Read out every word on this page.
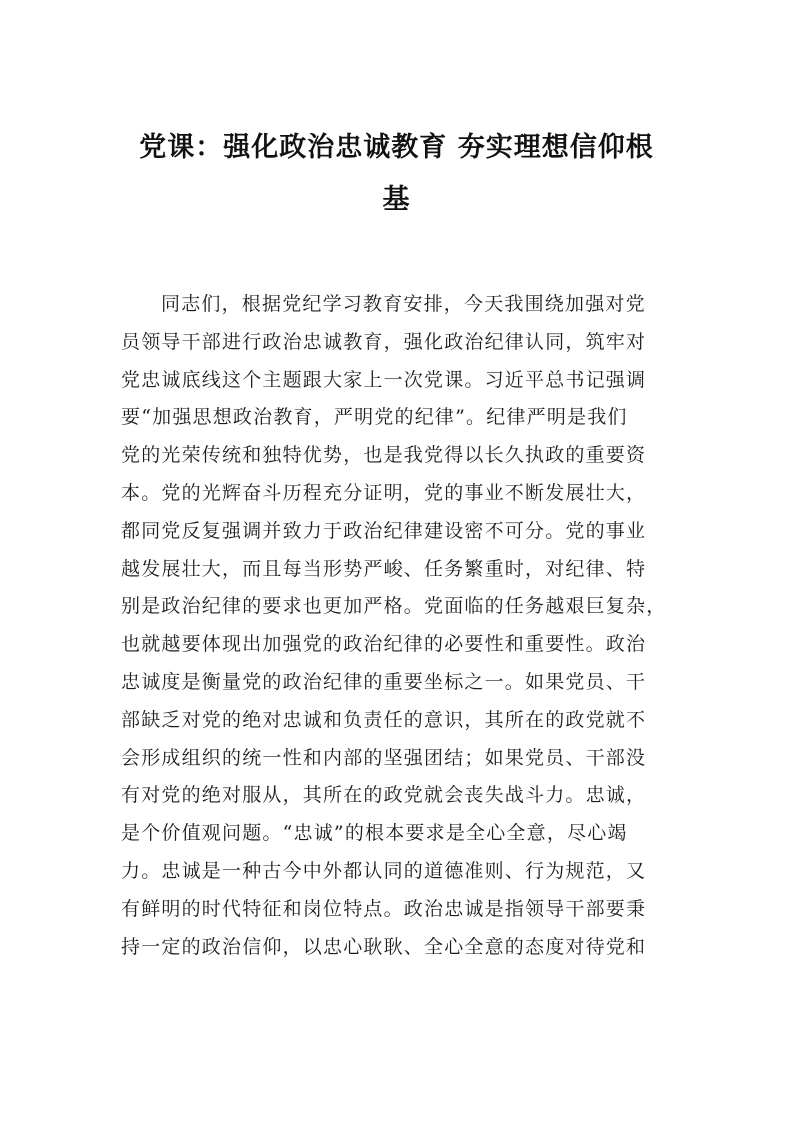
党课：强化政治忠诚教育 夯实理想信仰根
基
同志们，根据党纪学习教育安排，今天我围绕加强对党
员领导干部进行政治忠诚教育，强化政治纪律认同，筑牢对
党忠诚底线这个主题跟大家上一次党课。习近平总书记强调
要“加强思想政治教育，严明党的纪律”。纪律严明是我们
党的光荣传统和独特优势，也是我党得以长久执政的重要资
本。党的光辉奋斗历程充分证明，党的事业不断发展壮大，
都同党反复强调并致力于政治纪律建设密不可分。党的事业
越发展壮大，而且每当形势严峻、任务繁重时，对纪律、特
别是政治纪律的要求也更加严格。党面临的任务越艰巨复杂，
也就越要体现出加强党的政治纪律的必要性和重要性。政治
忠诚度是衡量党的政治纪律的重要坐标之一。如果党员、干
部缺乏对党的绝对忠诚和负责任的意识，其所在的政党就不
会形成组织的统一性和内部的坚强团结；如果党员、干部没
有对党的绝对服从，其所在的政党就会丧失战斗力。忠诚，
是个价值观问题。“忠诚”的根本要求是全心全意，尽心竭
力。忠诚是一种古今中外都认同的道德准则、行为规范，又
有鲜明的时代特征和岗位特点。政治忠诚是指领导干部要秉
持一定的政治信仰，以忠心耿耿、全心全意的态度对待党和
